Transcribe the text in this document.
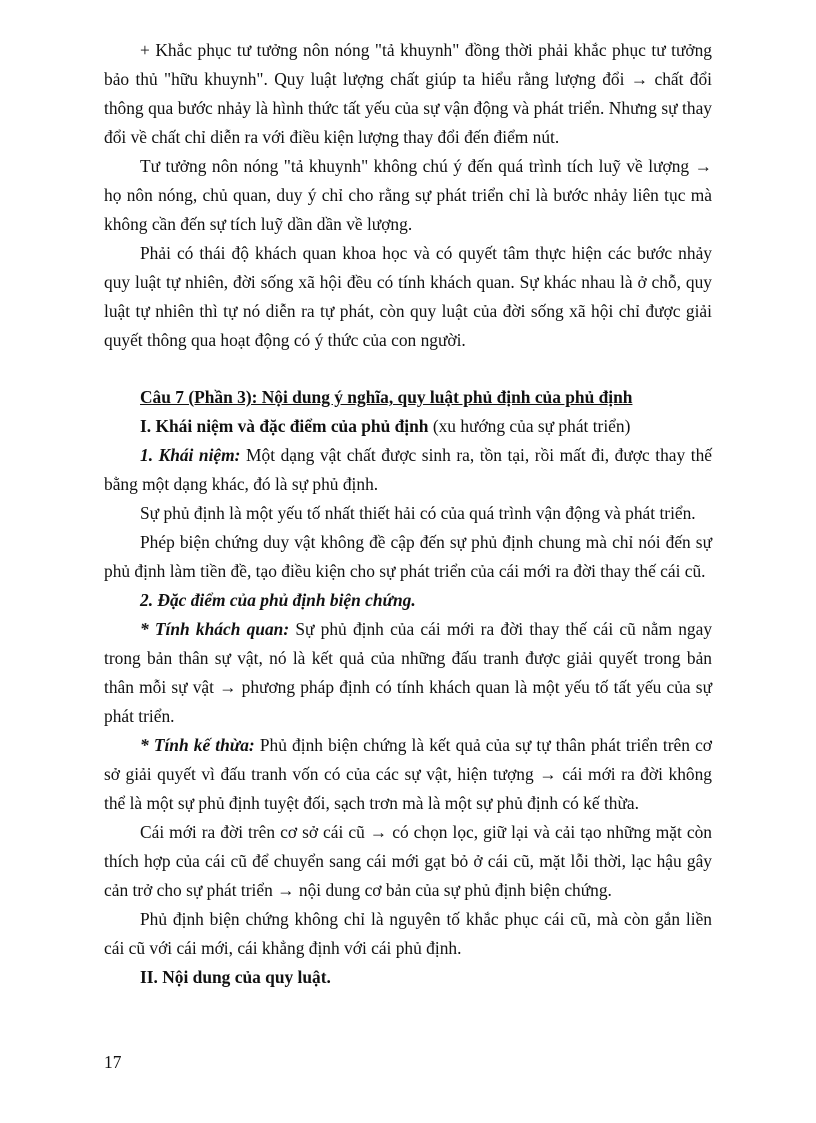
+ Khắc phục tư tưởng nôn nóng "tả khuynh" đồng thời phải khắc phục tư tưởng bảo thủ "hữu khuynh". Quy luật lượng chất giúp ta hiểu rằng lượng đổi → chất đổi thông qua bước nhảy là hình thức tất yếu của sự vận động và phát triển. Nhưng sự thay đổi về chất chỉ diễn ra với điều kiện lượng thay đổi đến điểm nút.

Tư tưởng nôn nóng "tả khuynh" không chú ý đến quá trình tích luỹ về lượng → họ nôn nóng, chủ quan, duy ý chỉ cho rằng sự phát triển chỉ là bước nhảy liên tục mà không cần đến sự tích luỹ dần dần về lượng.

Phải có thái độ khách quan khoa học và có quyết tâm thực hiện các bước nhảy quy luật tự nhiên, đời sống xã hội đều có tính khách quan. Sự khác nhau là ở chỗ, quy luật tự nhiên thì tự nó diễn ra tự phát, còn quy luật của đời sống xã hội chỉ được giải quyết thông qua hoạt động có ý thức của con người.

Câu 7 (Phần 3): Nội dung ý nghĩa, quy luật phủ định của phủ định

I. Khái niệm và đặc điểm của phủ định (xu hướng của sự phát triển)

1. Khái niệm: Một dạng vật chất được sinh ra, tồn tại, rồi mất đi, được thay thế bằng một dạng khác, đó là sự phủ định.

Sự phủ định là một yếu tố nhất thiết hải có của quá trình vận động và phát triển.

Phép biện chứng duy vật không đề cập đến sự phủ định chung mà chỉ nói đến sự phủ định làm tiền đề, tạo điều kiện cho sự phát triển của cái mới ra đời thay thế cái cũ.

2. Đặc điểm của phủ định biện chứng.

* Tính khách quan: Sự phủ định của cái mới ra đời thay thế cái cũ nằm ngay trong bản thân sự vật, nó là kết quả của những đấu tranh được giải quyết trong bản thân mỗi sự vật → phương pháp định có tính khách quan là một yếu tố tất yếu của sự phát triển.

* Tính kế thừa: Phủ định biện chứng là kết quả của sự tự thân phát triển trên cơ sở giải quyết vì đấu tranh vốn có của các sự vật, hiện tượng → cái mới ra đời không thể là một sự phủ định tuyệt đối, sạch trơn mà là một sự phủ định có kế thừa.

Cái mới ra đời trên cơ sở cái cũ → có chọn lọc, giữ lại và cải tạo những mặt còn thích hợp của cái cũ để chuyển sang cái mới gạt bỏ ở cái cũ, mặt lỗi thời, lạc hậu gây cản trở cho sự phát triển → nội dung cơ bản của sự phủ định biện chứng.

Phủ định biện chứng không chỉ là nguyên tố khắc phục cái cũ, mà còn gắn liền cái cũ với cái mới, cái khẳng định với cái phủ định.

II. Nội dung của quy luật.

17
